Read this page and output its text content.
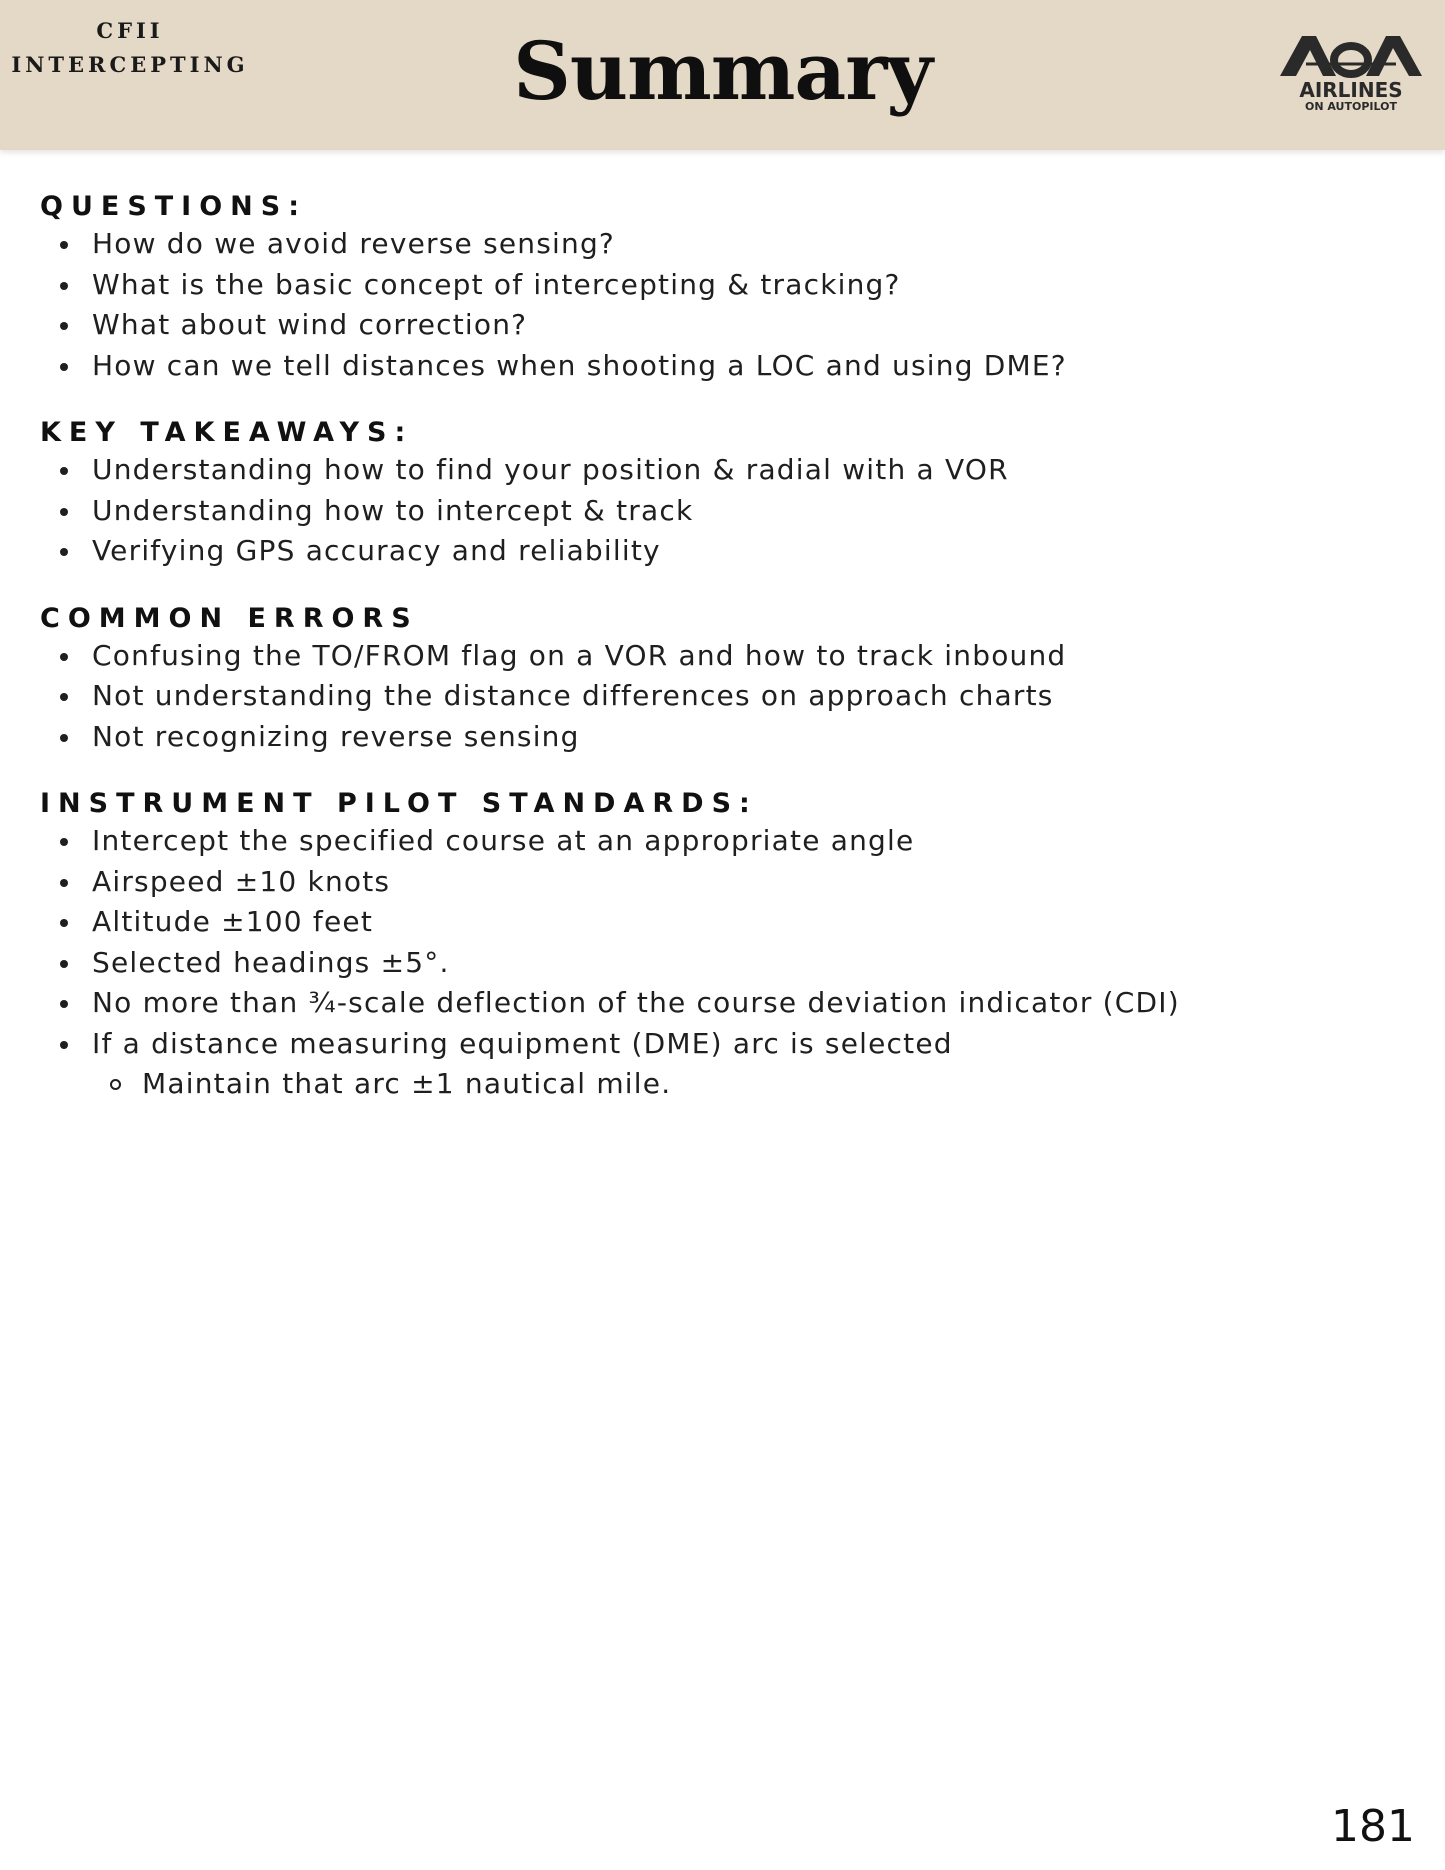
CFII
INTERCEPTING	Summary	AIRLINES
ON AUTOPILOT
QUESTIONS:
How do we avoid reverse sensing?
What is the basic concept of intercepting & tracking?
What about wind correction?
How can we tell distances when shooting a LOC and using DME?
KEY TAKEAWAYS:
Understanding how to find your position & radial with a VOR
Understanding how to intercept & track
Verifying GPS accuracy and reliability
COMMON ERRORS
Confusing the TO/FROM flag on a VOR and how to track inbound
Not understanding the distance differences on approach charts
Not recognizing reverse sensing
INSTRUMENT PILOT STANDARDS:
Intercept the specified course at an appropriate angle
Airspeed ±10 knots
Altitude ±100 feet
Selected headings ±5°.
No more than ¾-scale deflection of the course deviation indicator (CDI)
If a distance measuring equipment (DME) arc is selected
Maintain that arc ±1 nautical mile.
181
